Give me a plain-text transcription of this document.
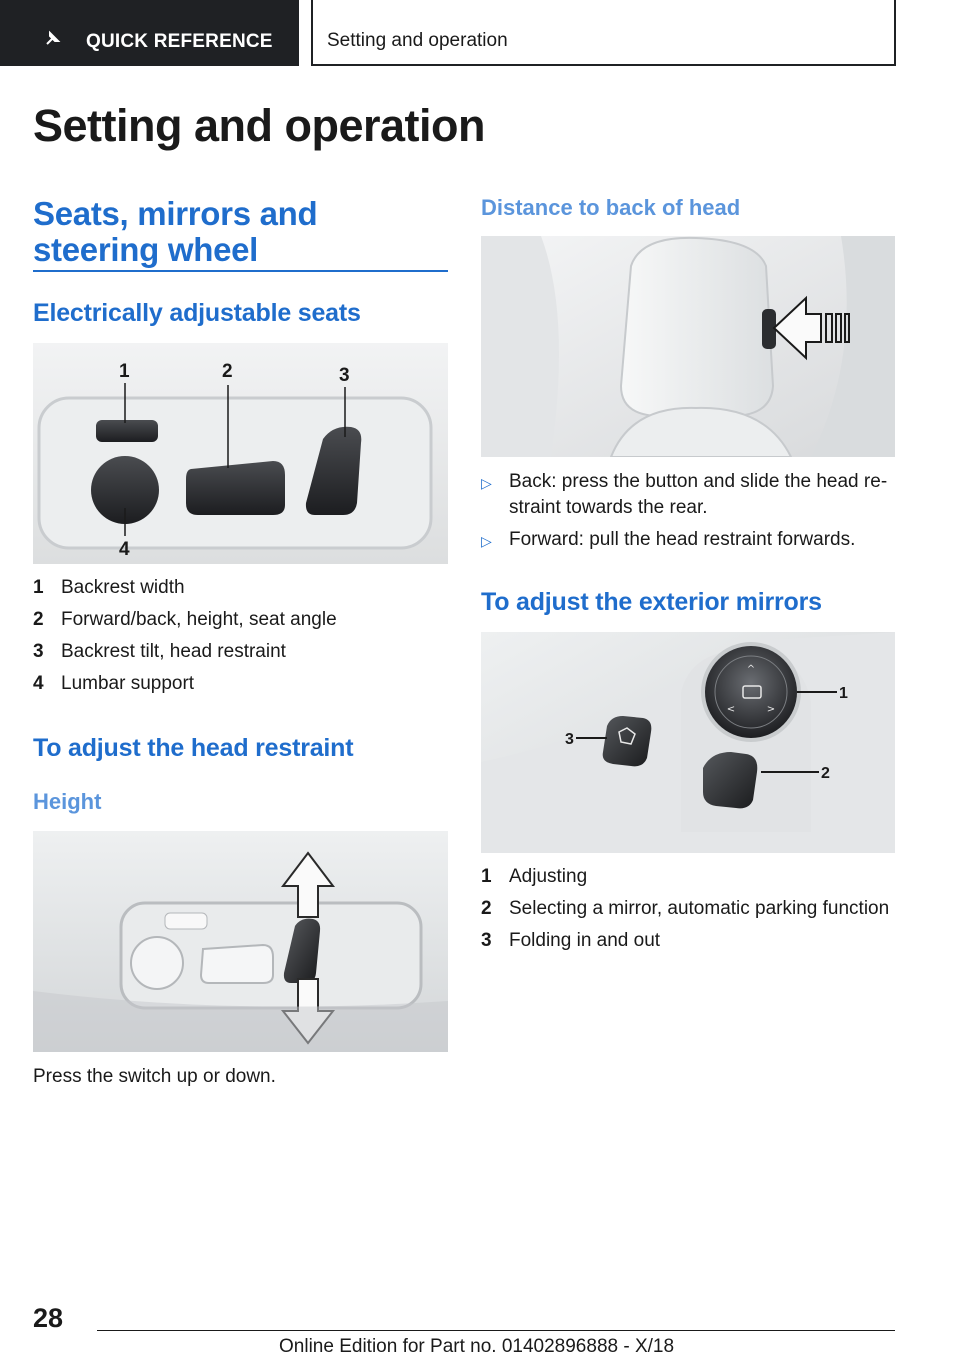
QUICK REFERENCE	Setting and operation
Setting and operation
Seats, mirrors and steering wheel
Electrically adjustable seats
1	2	3
4
1 Backrest width
2 Forward/back, height, seat angle
3 Backrest tilt, head restraint
4 Lumbar support
To adjust the head restraint
Height

Press the switch up or down.

Distance to back of head
▷ Back: press the button and slide the head restraint towards the rear.
▷ Forward: pull the head restraint forwards.
To adjust the exterior mirrors
^
<	>
1
2
3
1 Adjusting
2 Selecting a mirror, automatic parking function
3 Folding in and out
28
Online Edition for Part no. 01402896888 - X/18
